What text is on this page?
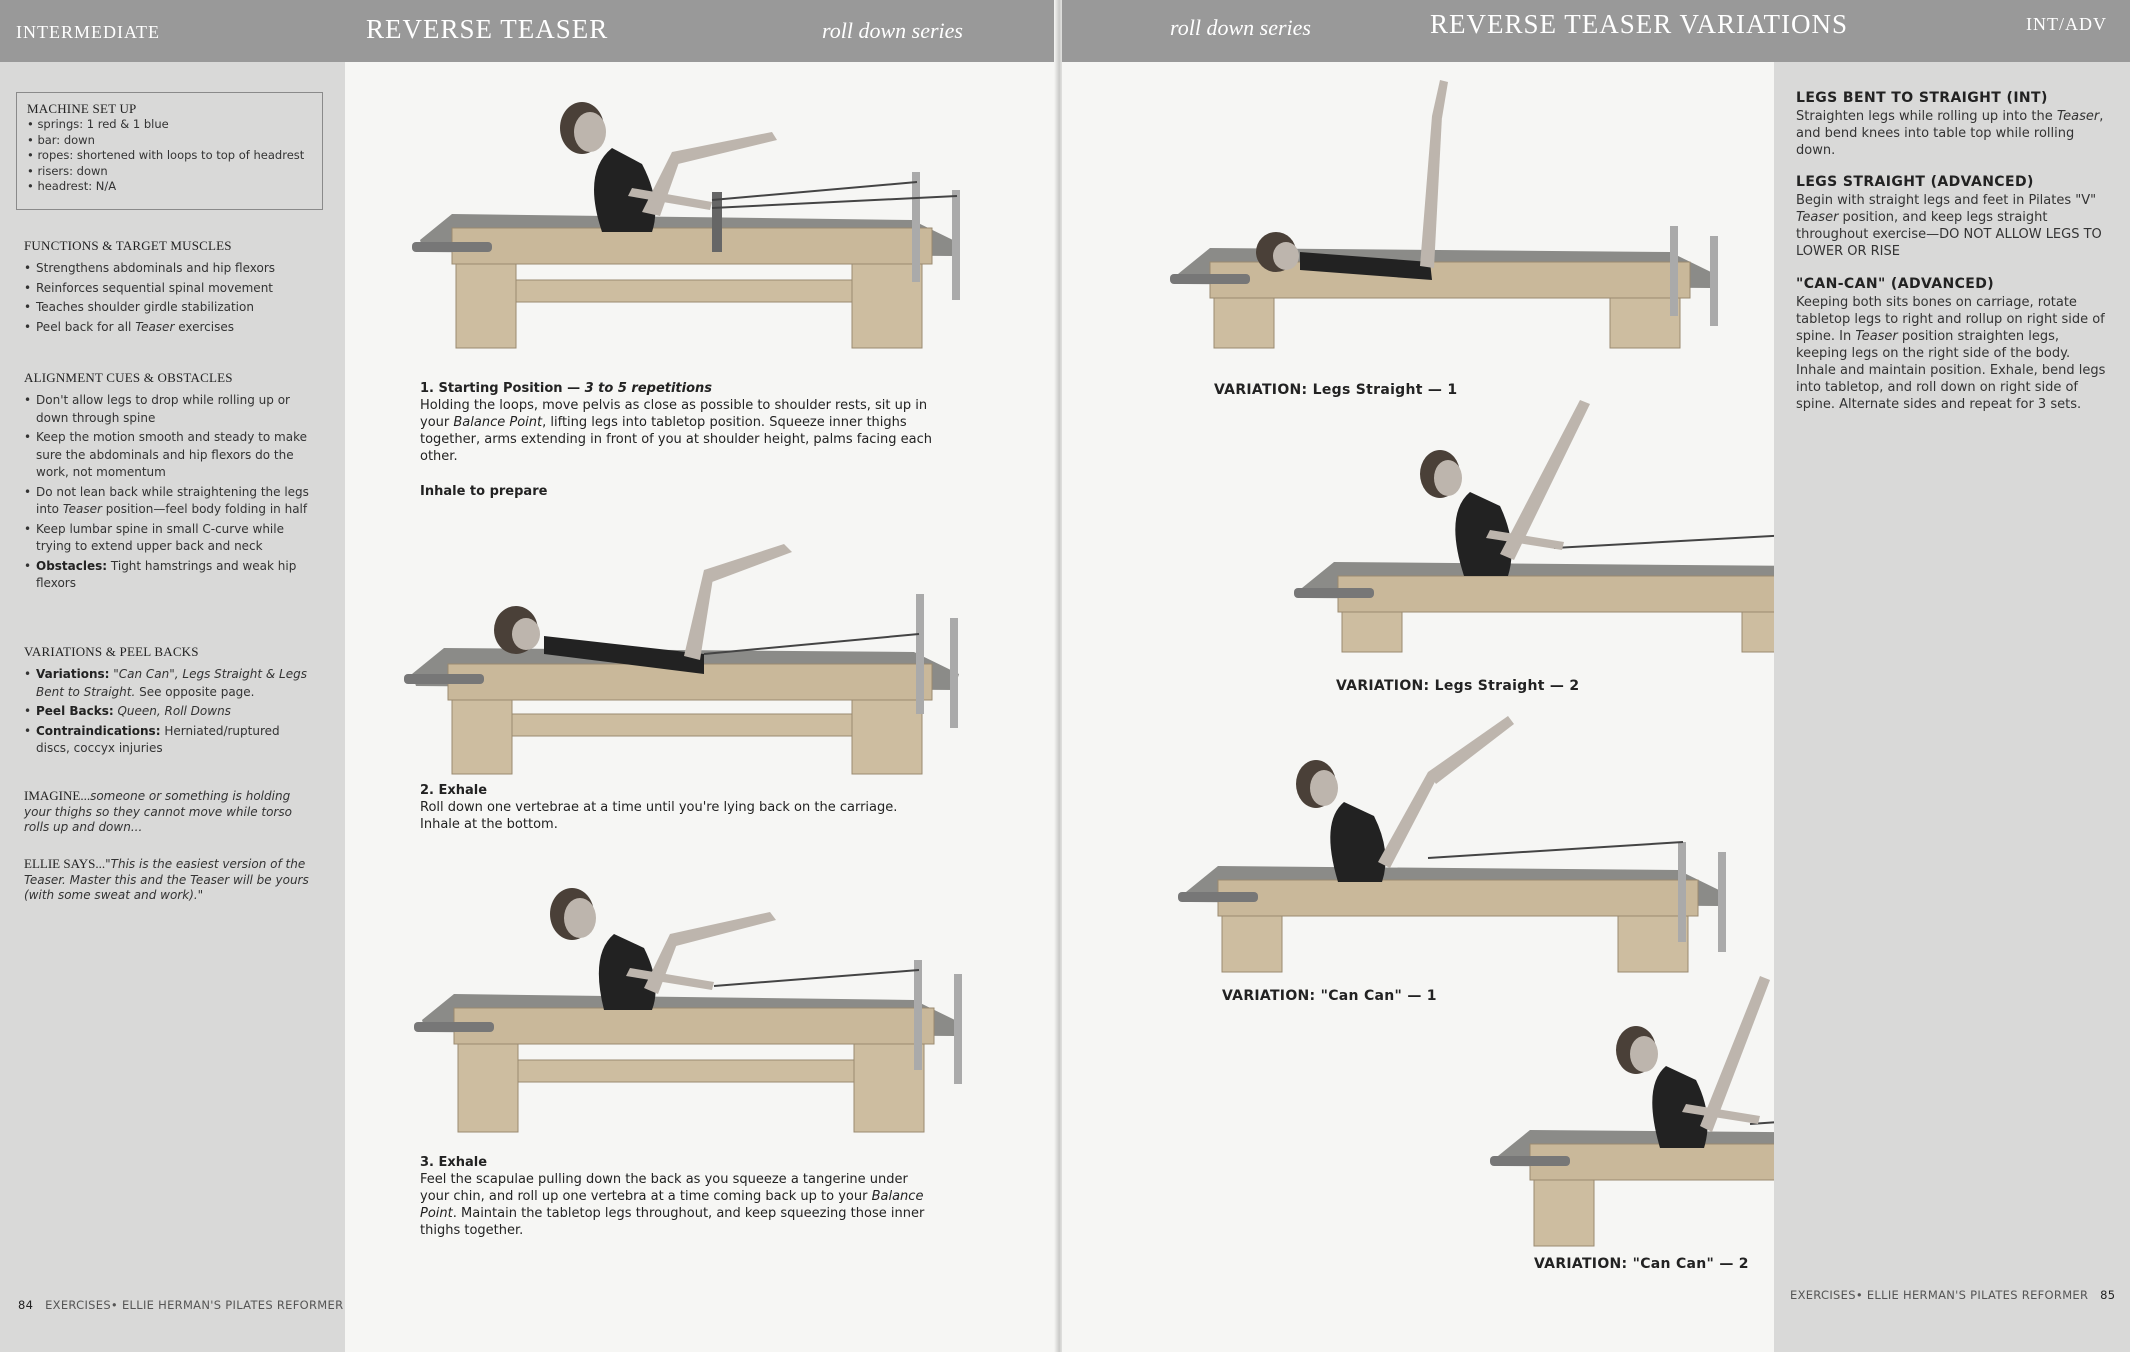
INTERMEDIATE	REVERSE TEASER	roll down series
MACHINE SET UP
• springs: 1 red & 1 blue
• bar: down
• ropes: shortened with loops to top of headrest
• risers: down
• headrest: N/A
FUNCTIONS & TARGET MUSCLES
• Strengthens abdominals and hip flexors
• Reinforces sequential spinal movement
• Teaches shoulder girdle stabilization
• Peel back for all Teaser exercises
ALIGNMENT CUES & OBSTACLES
• Don't allow legs to drop while rolling up or down through spine
• Keep the motion smooth and steady to make sure the abdominals and hip flexors do the work, not momentum
• Do not lean back while straightening the legs into Teaser position—feel body folding in half
• Keep lumbar spine in small C-curve while trying to extend upper back and neck
• Obstacles: Tight hamstrings and weak hip flexors
VARIATIONS & PEEL BACKS
• Variations: "Can Can", Legs Straight & Legs Bent to Straight. See opposite page.
• Peel Backs: Queen, Roll Downs
• Contraindications: Herniated/ruptured discs, coccyx injuries
IMAGINE...someone or something is holding your thighs so they cannot move while torso rolls up and down...
ELLIE SAYS..."This is the easiest version of the Teaser. Master this and the Teaser will be yours (with some sweat and work)."
1. Starting Position — 3 to 5 repetitions

Holding the loops, move pelvis as close as possible to shoulder rests, sit up in your Balance Point, lifting legs into tabletop position. Squeeze inner thighs together, arms extending in front of you at shoulder height, palms facing each other.

Inhale to prepare
2. Exhale

Roll down one vertebrae at a time until you're lying back on the carriage. Inhale at the bottom.

3. Exhale

Feel the scapulae pulling down the back as you squeeze a tangerine under your chin, and roll up one vertebra at a time coming back up to your Balance Point. Maintain the tabletop legs throughout, and keep squeezing those inner thighs together.

84 EXERCISES• ELLIE HERMAN'S PILATES REFORMER
roll down series	REVERSE TEASER VARIATIONS	INT/ADV
VARIATION: Legs Straight — 1
VARIATION: Legs Straight — 2
VARIATION: "Can Can" — 1
VARIATION: "Can Can" — 2
LEGS BENT TO STRAIGHT (INT)

Straighten legs while rolling up into the Teaser, and bend knees into table top while rolling down.

LEGS STRAIGHT (ADVANCED)

Begin with straight legs and feet in Pilates "V" Teaser position, and keep legs straight throughout exercise—DO NOT ALLOW LEGS TO LOWER OR RISE

"CAN-CAN" (ADVANCED)

Keeping both sits bones on carriage, rotate tabletop legs to right and rollup on right side of spine. In Teaser position straighten legs, keeping legs on the right side of the body. Inhale and maintain position. Exhale, bend legs into tabletop, and roll down on right side of spine. Alternate sides and repeat for 3 sets.

EXERCISES• ELLIE HERMAN'S PILATES REFORMER 85
